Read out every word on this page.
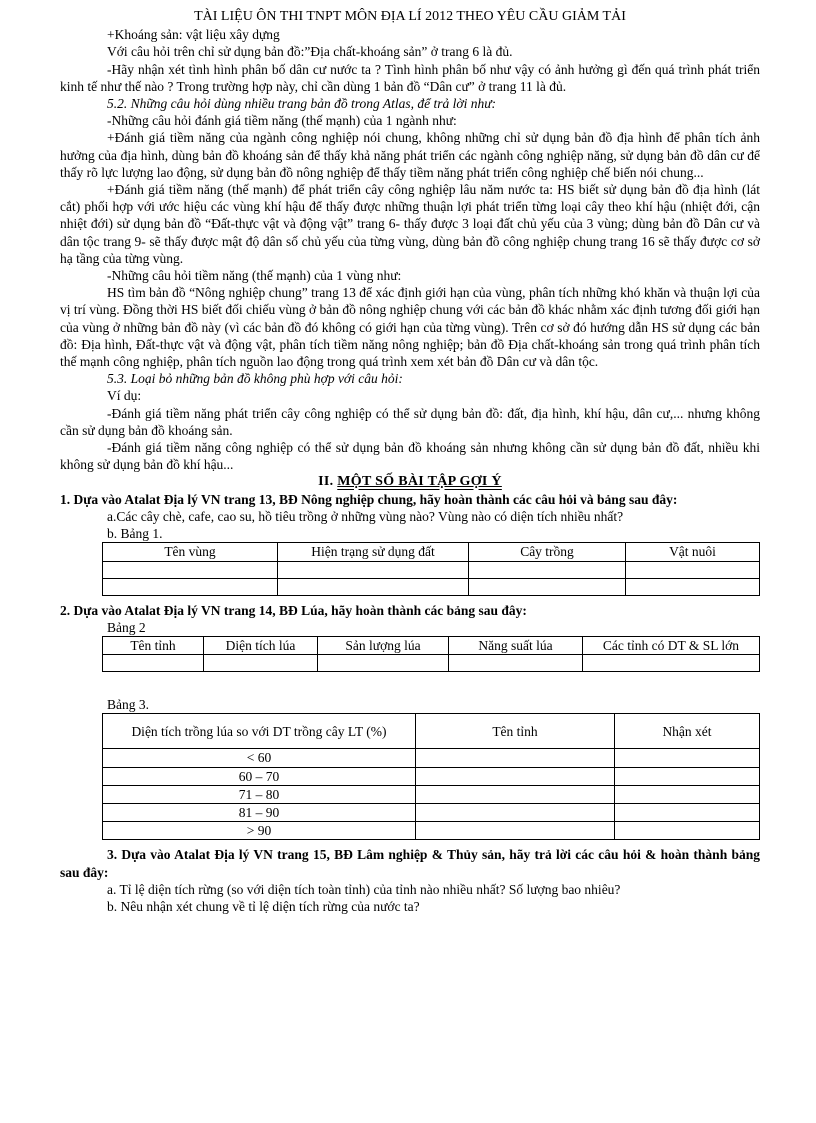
TÀI LIỆU ÔN THI TNPT MÔN ĐỊA LÍ 2012 THEO YÊU CẦU GIẢM TẢI

+Khoáng sản: vật liệu xây dựng

Với câu hỏi trên chỉ sử dụng bản đồ:”Địa chất-khoáng sản” ở trang 6 là đủ.

-Hãy nhận xét tình hình phân bố dân cư nước ta ? Tình hình phân bố như vậy có ảnh hưởng gì đến quá trình phát triển kinh tế như thế nào ? Trong trường hợp này, chỉ cần dùng 1 bản đồ “Dân cư” ở trang 11 là đủ.

5.2. Những câu hỏi dùng nhiều trang bản đồ trong Atlas, để trả lời như:

-Những câu hỏi đánh giá tiềm năng (thế mạnh) của 1 ngành như:

+Đánh giá tiềm năng của ngành công nghiệp nói chung, không những chỉ sử dụng bản đồ địa hình để phân tích ảnh hưởng của địa hình, dùng bản đồ khoáng sản để thấy khả năng phát triển các ngành công nghiệp năng, sử dụng bản đồ dân cư để thấy rõ lực lượng lao động, sử dụng bản đồ nông nghiệp để thấy tiềm năng phát triển công nghiệp chế biến nói chung...

+Đánh giá tiềm năng (thế mạnh) để phát triển cây công nghiệp lâu năm nước ta: HS biết sử dụng bản đồ địa hình (lát cắt) phối hợp với ước hiệu các vùng khí hậu để thấy được những thuận lợi phát triển từng loại cây theo khí hậu (nhiệt đới, cận nhiệt đới) sử dụng bản đồ “Đất-thực vật và động vật” trang 6- thấy được 3 loại đất chủ yếu của 3 vùng; dùng bản đồ Dân cư và dân tộc trang 9- sẽ thấy được mật độ dân số chủ yếu của từng vùng, dùng bản đồ công nghiệp chung trang 16 sẽ thấy được cơ sở hạ tầng của từng vùng.

-Những câu hỏi tiềm năng (thế mạnh) của 1 vùng như:

HS tìm bản đồ “Nông nghiệp chung” trang 13 để xác định giới hạn của vùng, phân tích những khó khăn và thuận lợi của vị trí vùng. Đồng thời HS biết đối chiếu vùng ở bản đồ nông nghiệp chung với các bản đồ khác nhằm xác định tương đối giới hạn của vùng ở những bản đồ này (vì các bản đồ đó không có giới hạn của từng vùng). Trên cơ sở đó hướng dẫn HS sử dụng các bản đồ: Địa hình, Đất-thực vật và động vật, phân tích tiềm năng nông nghiệp; bản đồ Địa chất-khoáng sản trong quá trình phân tích thế mạnh công nghiệp, phân tích nguồn lao động trong quá trình xem xét bản đồ Dân cư và dân tộc.

5.3. Loại bỏ những bản đồ không phù hợp với câu hỏi:

Ví dụ:

-Đánh giá tiềm năng phát triển cây công nghiệp có thể sử dụng bản đồ: đất, địa hình, khí hậu, dân cư,... nhưng không cần sử dụng bản đồ khoáng sản.

-Đánh giá tiềm năng công nghiệp có thể sử dụng bản đồ khoáng sản nhưng không cần sử dụng bản đồ đất, nhiều khi không sử dụng bản đồ khí hậu...

II. MỘT SỐ BÀI TẬP GỢI Ý

1. Dựa vào Atalat Địa lý VN trang 13, BĐ Nông nghiệp chung, hãy hoàn thành các câu hỏi và bảng sau đây:

a.Các cây chè, cafe, cao su, hồ tiêu trồng ở những vùng nào? Vùng nào có diện tích nhiều nhất?

b. Bảng 1.

Tên vùng	Hiện trạng sử dụng đất	Cây trồng	Vật nuôi

2. Dựa vào Atalat Địa lý VN trang 14, BĐ Lúa, hãy hoàn thành các bảng sau đây:

Bảng 2

Tên tỉnh	Diện tích lúa	Sản lượng lúa	Năng suất lúa	Các tỉnh có DT & SL lớn

Bảng 3.

Diện tích trồng lúa so với DT trồng cây LT (%)	Tên tỉnh	Nhận xét
< 60		
60 – 70		
71 – 80		
81 – 90		
> 90		

3. Dựa vào Atalat Địa lý VN trang 15, BĐ Lâm nghiệp & Thủy sản, hãy trả lời các câu hỏi & hoàn thành bảng sau đây:

a. Tỉ lệ diện tích rừng (so với diện tích toàn tỉnh) của tỉnh nào nhiều nhất? Số lượng bao nhiêu?

b. Nêu nhận xét chung về tỉ lệ diện tích rừng của nước ta?
